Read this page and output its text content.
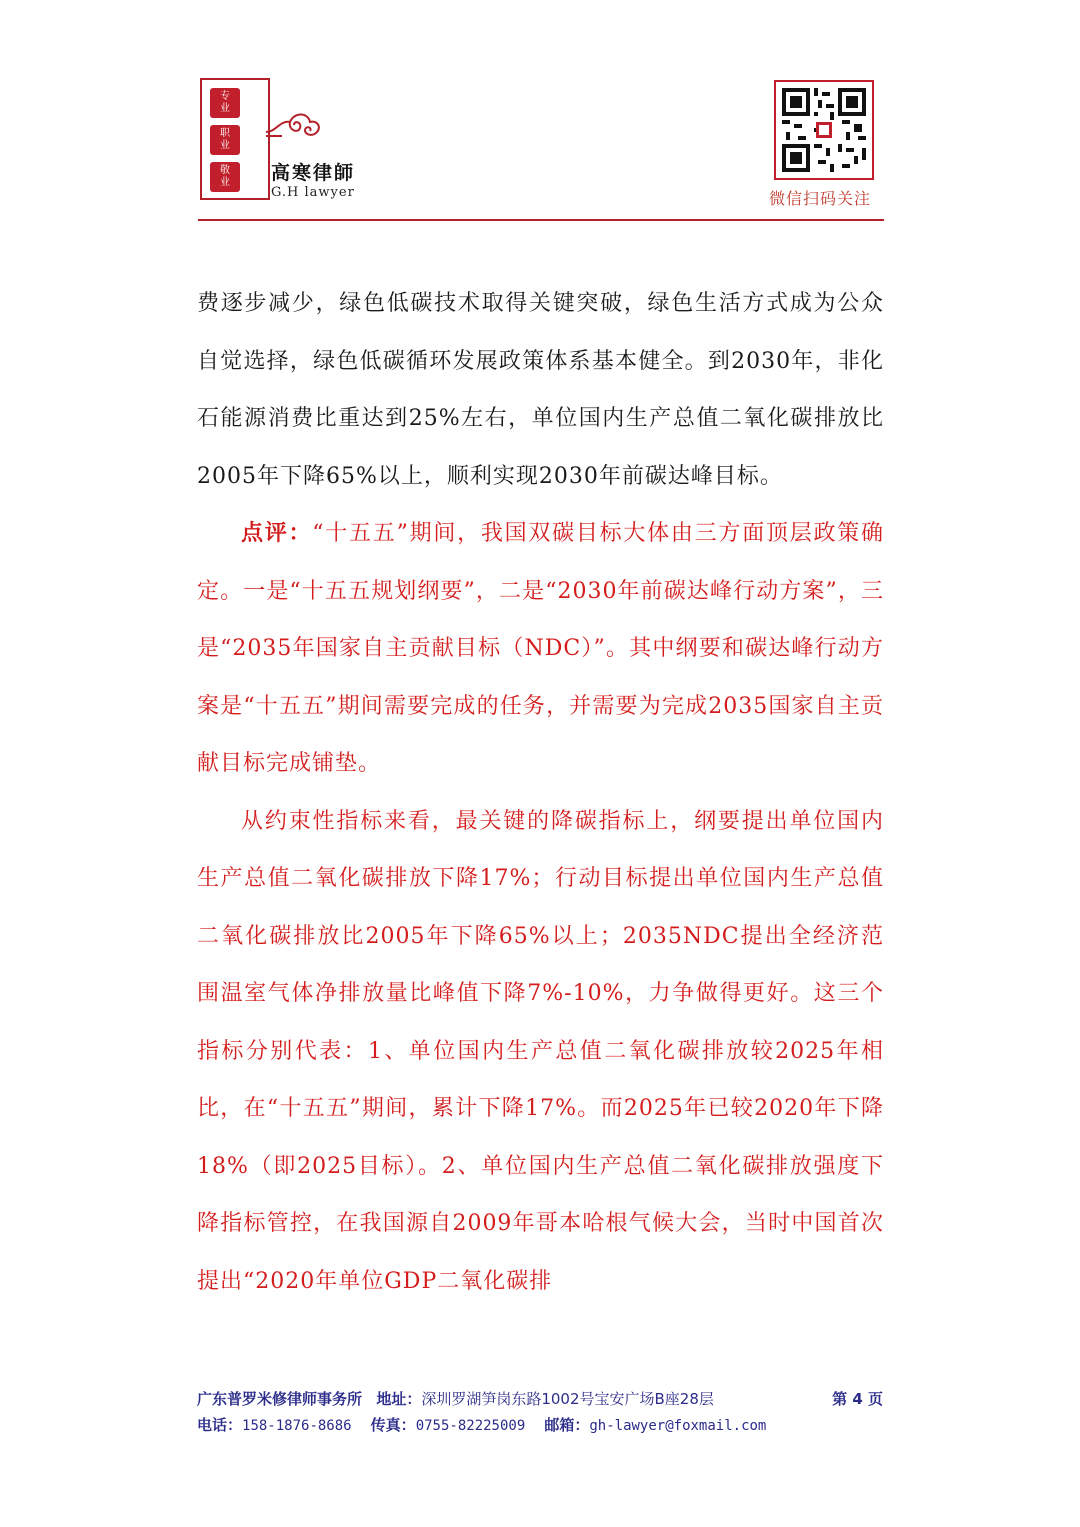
专
业
职
业
敬
业 高寒律師
G.H lawyer	微信扫码关注

费逐步减少，绿色低碳技术取得关键突破，绿色生活方式成为公众自觉选择，绿色低碳循环发展政策体系基本健全。到2030年，非化石能源消费比重达到25%左右，单位国内生产总值二氧化碳排放比2005年下降65%以上，顺利实现2030年前碳达峰目标。

点评：“十五五”期间，我国双碳目标大体由三方面顶层政策确定。一是“十五五规划纲要”，二是“2030年前碳达峰行动方案”，三是“2035年国家自主贡献目标（NDC）”。其中纲要和碳达峰行动方案是“十五五”期间需要完成的任务，并需要为完成2035国家自主贡献目标完成铺垫。

从约束性指标来看，最关键的降碳指标上，纲要提出单位国内生产总值二氧化碳排放下降17%；行动目标提出单位国内生产总值二氧化碳排放比2005年下降65%以上；2035NDC提出全经济范围温室气体净排放量比峰值下降7%-10%，力争做得更好。这三个指标分别代表：1、单位国内生产总值二氧化碳排放较2025年相比，在“十五五”期间，累计下降17%。而2025年已较2020年下降18%（即2025目标）。2、单位国内生产总值二氧化碳排放强度下降指标管控，在我国源自2009年哥本哈根气候大会，当时中国首次提出“2020年单位GDP二氧化碳排

广东普罗米修律师事务所 地址：深圳罗湖笋岗东路1002号宝安广场B座28层	第 4 页
电话：158-1876-8686 传真：0755-82225009 邮箱：gh-lawyer@foxmail.com
